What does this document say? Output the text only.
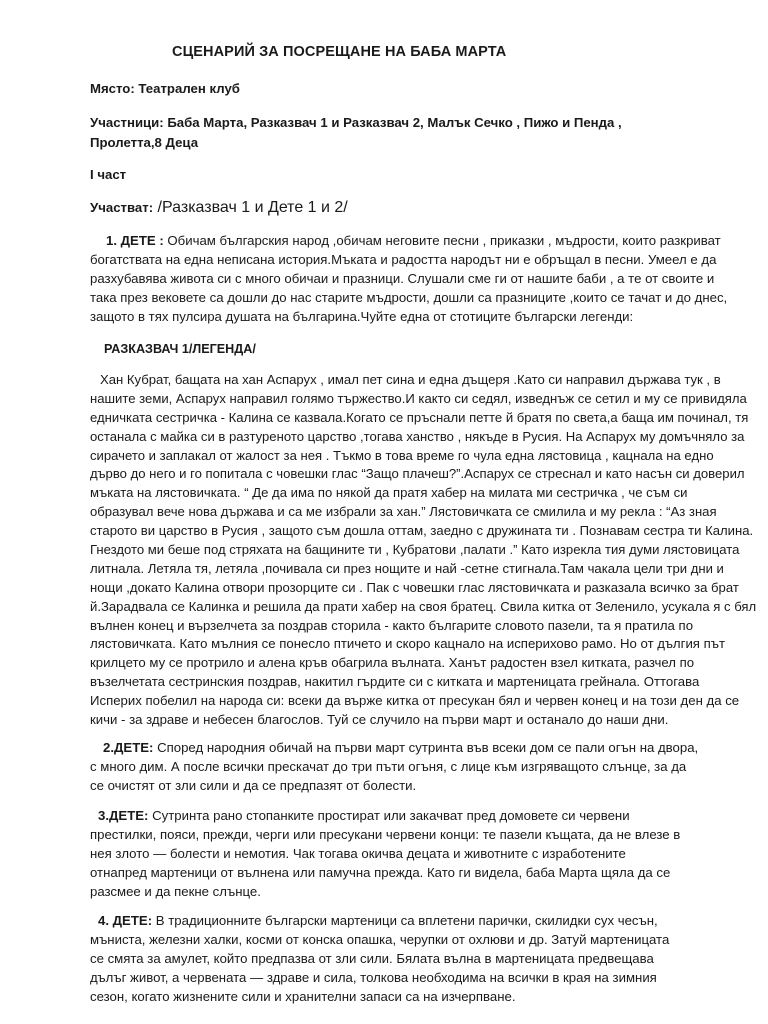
СЦЕНАРИЙ ЗА ПОСРЕЩАНЕ НА БАБА МАРТА
Място: Театрален клуб
Участници: Баба Марта, Разказвач 1 и Разказвач 2, Малък Сечко , Пижо и Пенда ,
Пролетта,8 Деца
I част
Участват: /Разказвач 1 и Дете 1 и 2/
1. ДЕТЕ : Обичам българския народ ,обичам неговите песни , приказки , мъдрости, които разкриват
богатствата на една неписана история.Мъката и радостта народът ни е обръщал в песни. Умеел е да
разхубавява живота си с много обичаи и празници. Слушали сме ги от нашите баби , а те от своите и
така през вековете са дошли до нас старите мъдрости, дошли са празниците ,които се тачат и до днес,
защото в тях пулсира душата на българина.Чуйте една от стотиците български легенди:
РАЗКАЗВАЧ 1/ЛЕГЕНДА/
Хан Кубрат, бащата на хан Аспарух , имал пет сина и една дъщеря .Като си направил държава тук , в
нашите земи, Аспарух направил голямо тържество.И както си седял, изведнъж се сетил и му се привидяла
едничката сестричка - Калина се казвала.Когато се пръснали петте й братя по света,а баща им починал, тя
останала с майка си в разтуреното царство ,тогава ханство , някъде в Русия. На Аспарух му домъчняло за
сирачето и заплакал от жалост за нея . Тъкмо в това време го чула една лястовица , кацнала на едно
дърво до него и го попитала с човешки глас “Защо плачеш?”.Аспарух се стреснал и като насън си доверил
мъката на лястовичката. “ Де да има по някой да пратя хабер на милата ми сестричка , че съм си
образувал вече нова държава и са ме избрали за хан.” Лястовичката се смилила и му рекла : “Аз зная
старото ви царство в Русия , защото съм дошла оттам, заедно с дружината ти . Познавам сестра ти Калина.
Гнездото ми беше под стряхата на бащините ти , Кубратови ,палати .” Като изрекла тия думи лястовицата
литнала. Летяла тя, летяла ,почивала си през нощите и най -сетне стигнала.Там чакала цели три дни и
нощи ,докато Калина отвори прозорците си . Пак с човешки глас лястовичката и разказала всичко за брат
й.Зарадвала се Калинка и решила да прати хабер на своя братец. Свила китка от Зеленило, усукала я с бял
вълнен конец и вързелчета за поздрав сторила - както българите словото пазели, та я пратила по
лястовичката. Като мълния се понесло птичето и скоро кацнало на исперихово рамо. Но от дългия път
крилцето му се протрило и алена кръв обагрила вълната. Ханът радостен взел китката, разчел по
възелчетата сестринския поздрав, накитил гърдите си с китката и мартеницата грейнала. Оттогава
Исперих побелил на народа си: всеки да върже китка от пресукан бял и червен конец и на този ден да се
кичи - за здраве и небесен благослов. Туй се случило на първи март и останало до наши дни.
2.ДЕТЕ: Според народния обичай на първи март сутринта във всеки дом се пали огън на двора,
с много дим. А после всички прескачат до три пъти огъня, с лице към изгряващото слънце, за да
се очистят от зли сили и да се предпазят от болести.
3.ДЕТЕ: Сутринта рано стопанките простират или закачват пред домовете си червени
престилки, пояси, прежди, черги или пресукани червени конци: те пазели къщата, да не влезе в
нея злото — болести и немотия. Чак тогава окичва децата и животните с изработените
отнапред мартеници от вълнена или памучна прежда. Като ги видела, баба Марта щяла да се
разсмее и да пекне слънце.
4. ДЕТЕ: В традиционните български мартеници са вплетени парички, скилидки сух чесън,
мъниста, железни халки, косми от конска опашка, черупки от охлюви и др. Затуй мартеницата
се смята за амулет, който предпазва от зли сили. Бялата вълна в мартеницата предвещава
дълъг живот, а червената — здраве и сила, толкова необходима на всички в края на зимния
сезон, когато жизнените сили и хранителни запаси са на изчерпване.
